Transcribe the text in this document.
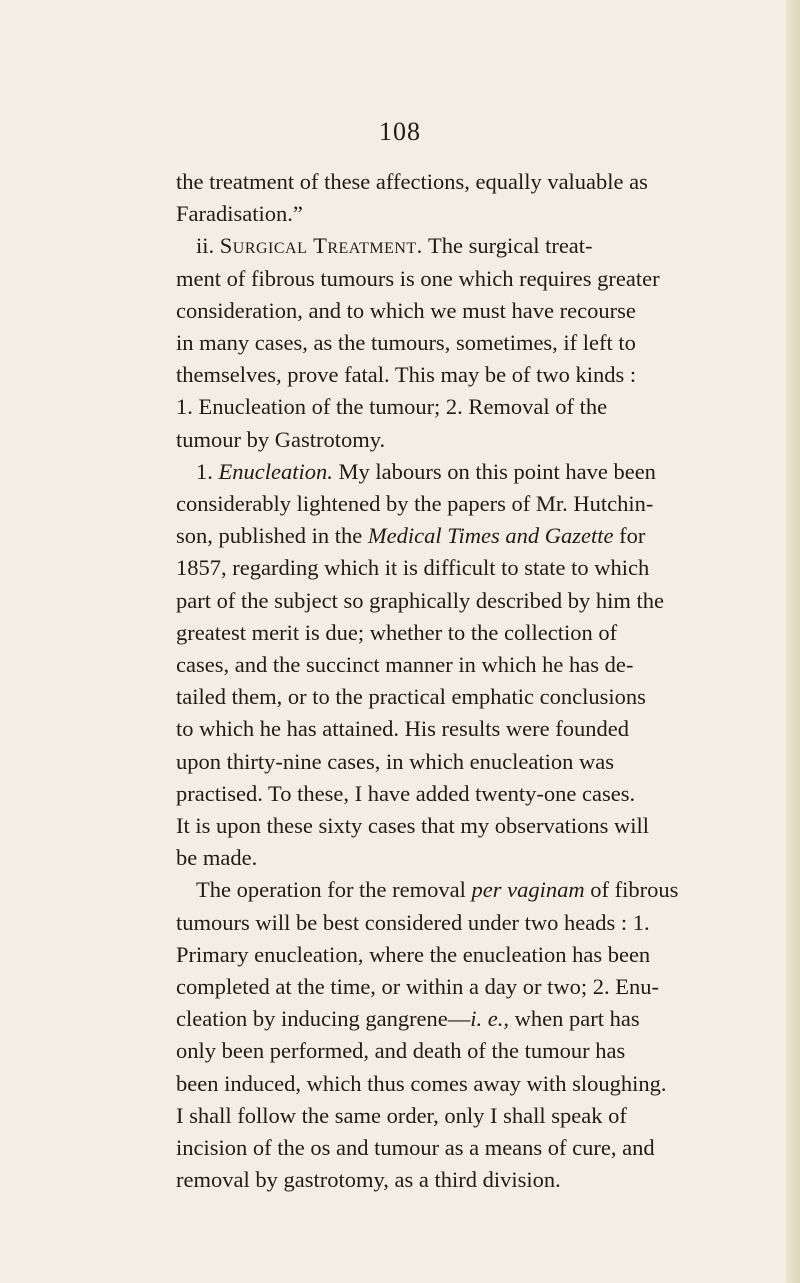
108
the treatment of these affections, equally valuable as
Faradisation.”
ii. Surgical Treatment. The surgical treat-
ment of fibrous tumours is one which requires greater
consideration, and to which we must have recourse
in many cases, as the tumours, sometimes, if left to
themselves, prove fatal. This may be of two kinds :
1. Enucleation of the tumour; 2. Removal of the
tumour by Gastrotomy.
1. Enucleation. My labours on this point have been
considerably lightened by the papers of Mr. Hutchin-
son, published in the Medical Times and Gazette for
1857, regarding which it is difficult to state to which
part of the subject so graphically described by him the
greatest merit is due; whether to the collection of
cases, and the succinct manner in which he has de-
tailed them, or to the practical emphatic conclusions
to which he has attained. His results were founded
upon thirty-nine cases, in which enucleation was
practised. To these, I have added twenty-one cases.
It is upon these sixty cases that my observations will
be made.
The operation for the removal per vaginam of fibrous
tumours will be best considered under two heads : 1.
Primary enucleation, where the enucleation has been
completed at the time, or within a day or two; 2. Enu-
cleation by inducing gangrene—i. e., when part has
only been performed, and death of the tumour has
been induced, which thus comes away with sloughing.
I shall follow the same order, only I shall speak of
incision of the os and tumour as a means of cure, and
removal by gastrotomy, as a third division.
